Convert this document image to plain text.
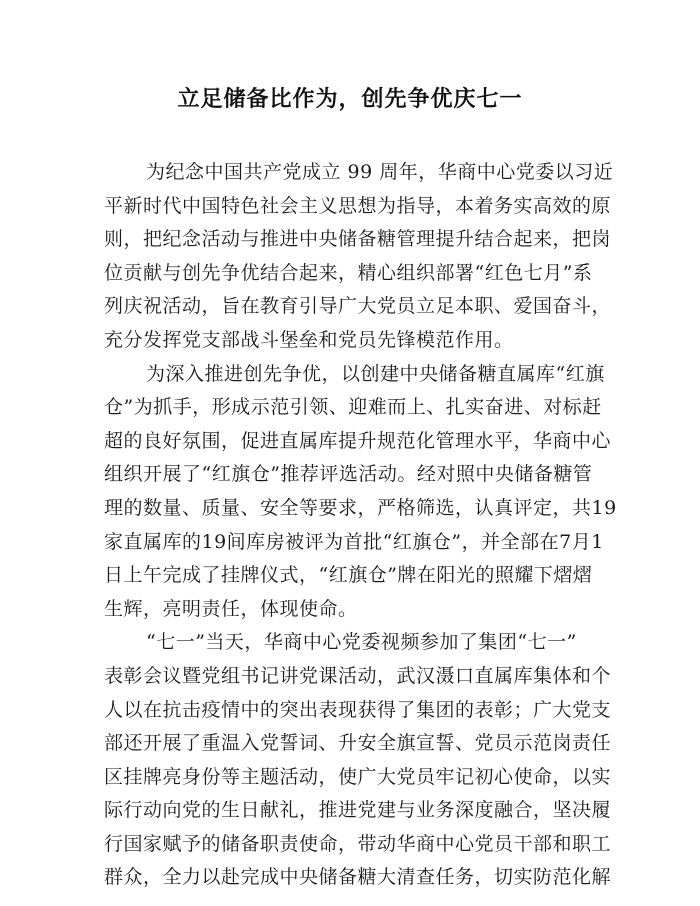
立足储备比作为，创先争优庆七一
为纪念中国共产党成立 99 周年，华商中心党委以习近
平新时代中国特色社会主义思想为指导，本着务实高效的原
则，把纪念活动与推进中央储备糖管理提升结合起来，把岗
位贡献与创先争优结合起来，精心组织部署“红色七月”系
列庆祝活动，旨在教育引导广大党员立足本职、爱国奋斗，
充分发挥党支部战斗堡垒和党员先锋模范作用。
为深入推进创先争优，以创建中央储备糖直属库“红旗
仓”为抓手，形成示范引领、迎难而上、扎实奋进、对标赶
超的良好氛围，促进直属库提升规范化管理水平，华商中心
组织开展了“红旗仓”推荐评选活动。经对照中央储备糖管
理的数量、质量、安全等要求，严格筛选，认真评定，共19
家直属库的19间库房被评为首批“红旗仓”，并全部在7月1
日上午完成了挂牌仪式，“红旗仓”牌在阳光的照耀下熠熠
生辉，亮明责任，体现使命。
“七一”当天，华商中心党委视频参加了集团“七一”
表彰会议暨党组书记讲党课活动，武汉滠口直属库集体和个
人以在抗击疫情中的突出表现获得了集团的表彰；广大党支
部还开展了重温入党誓词、升安全旗宣誓、党员示范岗责任
区挂牌亮身份等主题活动，使广大党员牢记初心使命，以实
际行动向党的生日献礼，推进党建与业务深度融合，坚决履
行国家赋予的储备职责使命，带动华商中心党员干部和职工
群众，全力以赴完成中央储备糖大清查任务，切实防范化解
